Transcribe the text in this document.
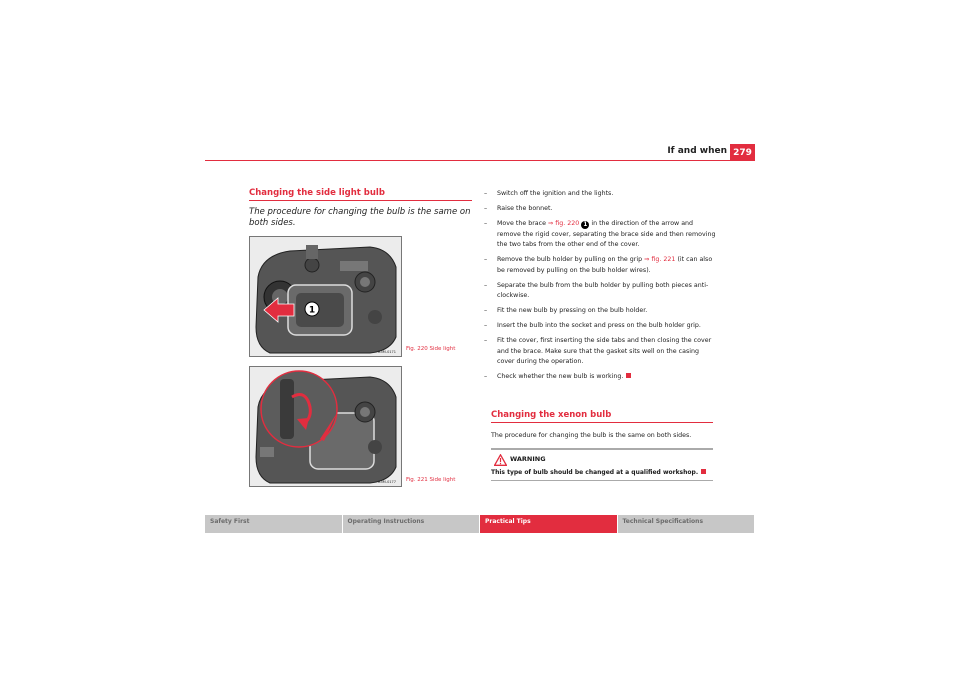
If and when 279
Changing the side light bulb
The procedure for changing the bulb is the same on both sides.
1
B5M-0171 Fig. 220 Side light
B5M-0177 Fig. 221 Side light
– Switch off the ignition and the lights.
– Raise the bonnet.
– Move the brace ⇒ fig. 220 1 in the direction of the arrow and remove the rigid cover, separating the brace side and then removing the two tabs from the other end of the cover.
– Remove the bulb holder by pulling on the grip ⇒ fig. 221 (it can also be removed by pulling on the bulb holder wires).
– Separate the bulb from the bulb holder by pulling both pieces anti-clockwise.
– Fit the new bulb by pressing on the bulb holder.
– Insert the bulb into the socket and press on the bulb holder grip.
– Fit the cover, first inserting the side tabs and then closing the cover and the brace. Make sure that the gasket sits well on the casing cover during the operation.
– Check whether the new bulb is working.
Changing the xenon bulb
The procedure for changing the bulb is the same on both sides.
WARNING
This type of bulb should be changed at a qualified workshop.
Safety First	Operating Instructions	Practical Tips	Technical Specifications
